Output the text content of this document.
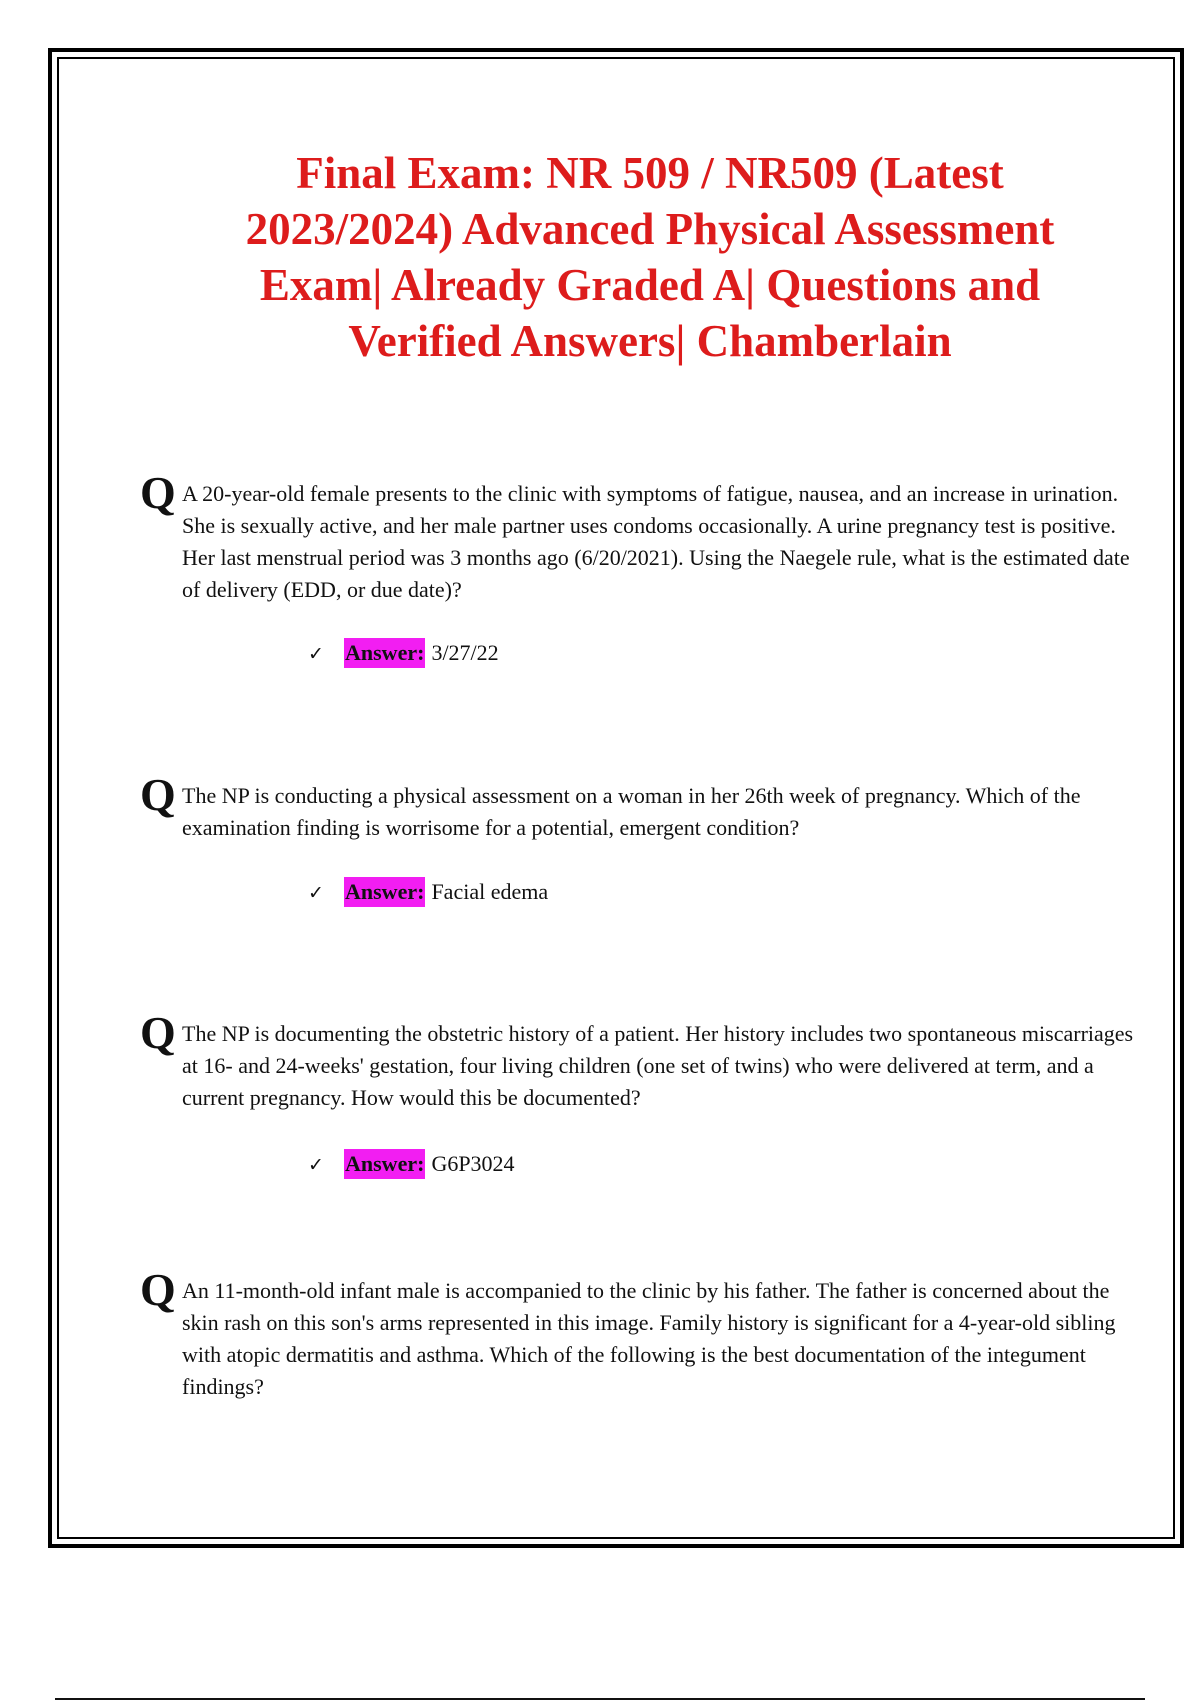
Final Exam: NR 509 / NR509 (Latest 2023/2024) Advanced Physical Assessment Exam| Already Graded A| Questions and Verified Answers| Chamberlain
Q A 20-year-old female presents to the clinic with symptoms of fatigue, nausea, and an increase in urination. She is sexually active, and her male partner uses condoms occasionally. A urine pregnancy test is positive. Her last menstrual period was 3 months ago (6/20/2021). Using the Naegele rule, what is the estimated date of delivery (EDD, or due date)?

✓ Answer: 3/27/22
Q The NP is conducting a physical assessment on a woman in her 26th week of pregnancy. Which of the examination finding is worrisome for a potential, emergent condition?

✓ Answer: Facial edema
Q The NP is documenting the obstetric history of a patient. Her history includes two spontaneous miscarriages at 16- and 24-weeks' gestation, four living children (one set of twins) who were delivered at term, and a current pregnancy. How would this be documented?

✓ Answer: G6P3024
Q An 11-month-old infant male is accompanied to the clinic by his father. The father is concerned about the skin rash on this son's arms represented in this image. Family history is significant for a 4-year-old sibling with atopic dermatitis and asthma. Which of the following is the best documentation of the integument findings?
